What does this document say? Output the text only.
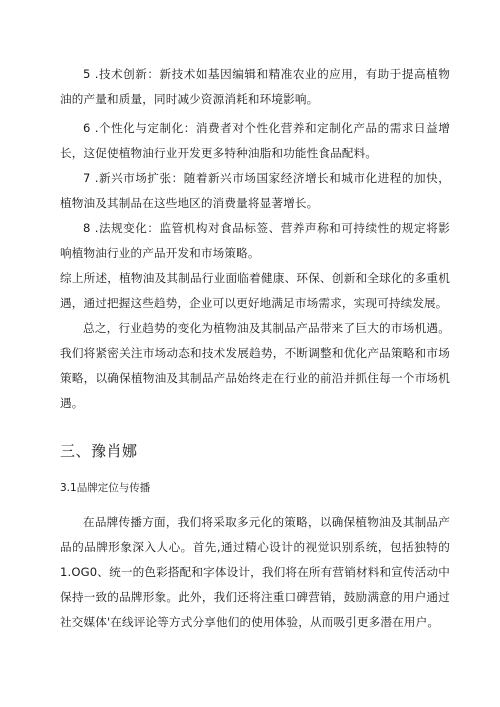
5 .技术创新：新技术如基因编辑和精准农业的应用，有助于提高植物油的产量和质量，同时减少资源消耗和环境影响。

6 .个性化与定制化：消费者对个性化营养和定制化产品的需求日益增长，这促使植物油行业开发更多特种油脂和功能性食品配料。

7 .新兴市场扩张：随着新兴市场国家经济增长和城市化进程的加快，植物油及其制品在这些地区的消费量将显著增长。

8 .法规变化：监管机构对食品标签、营养声称和可持续性的规定将影响植物油行业的产品开发和市场策略。

综上所述，植物油及其制品行业面临着健康、环保、创新和全球化的多重机遇，通过把握这些趋势，企业可以更好地满足市场需求，实现可持续发展。

总之，行业趋势的变化为植物油及其制品产品带来了巨大的市场机遇。我们将紧密关注市场动态和技术发展趋势，不断调整和优化产品策略和市场策略，以确保植物油及其制品产品始终走在行业的前沿并抓住每一个市场机遇。

三、豫肖娜
3.1品牌定位与传播

在品牌传播方面，我们将采取多元化的策略，以确保植物油及其制品产品的品牌形象深入人心。首先,通过精心设计的视觉识别系统，包括独特的1.OG0、统一的色彩搭配和字体设计，我们将在所有营销材料和宣传活动中保持一致的品牌形象。此外，我们还将注重口碑营销，鼓励满意的用户通过社交媒体'在线评论等方式分享他们的使用体验，从而吸引更多潜在用户。
